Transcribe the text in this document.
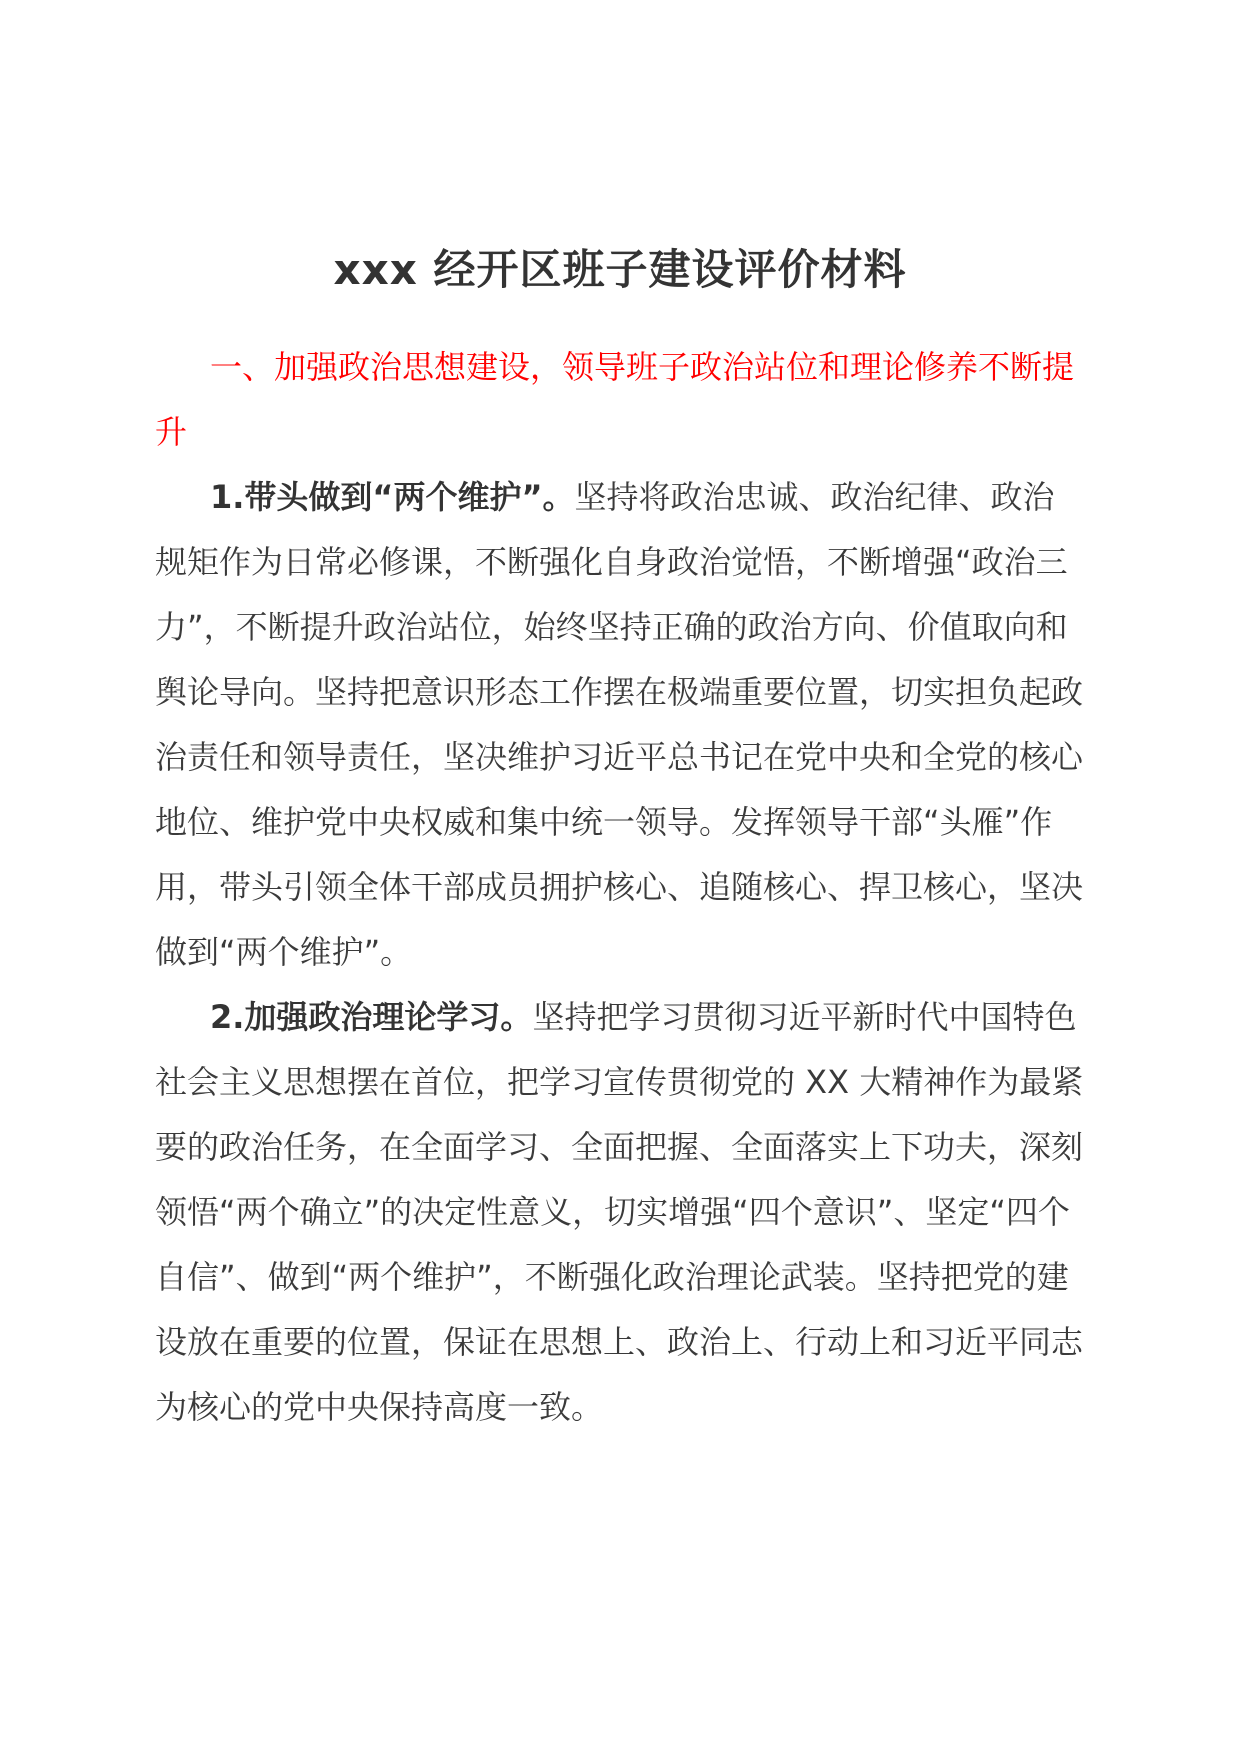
xxx 经开区班子建设评价材料

一、加强政治思想建设，领导班子政治站位和理论修养不断提升

1.带头做到“两个维护”。坚持将政治忠诚、政治纪律、政治规矩作为日常必修课，不断强化自身政治觉悟，不断增强“政治三力”，不断提升政治站位，始终坚持正确的政治方向、价值取向和舆论导向。坚持把意识形态工作摆在极端重要位置，切实担负起政治责任和领导责任，坚决维护习近平总书记在党中央和全党的核心地位、维护党中央权威和集中统一领导。发挥领导干部“头雁”作用，带头引领全体干部成员拥护核心、追随核心、捍卫核心，坚决做到“两个维护”。

2.加强政治理论学习。坚持把学习贯彻习近平新时代中国特色社会主义思想摆在首位，把学习宣传贯彻党的 XX 大精神作为最紧要的政治任务，在全面学习、全面把握、全面落实上下功夫，深刻领悟“两个确立”的决定性意义，切实增强“四个意识”、坚定“四个自信”、做到“两个维护”，不断强化政治理论武装。坚持把党的建设放在重要的位置，保证在思想上、政治上、行动上和习近平同志为核心的党中央保持高度一致。
